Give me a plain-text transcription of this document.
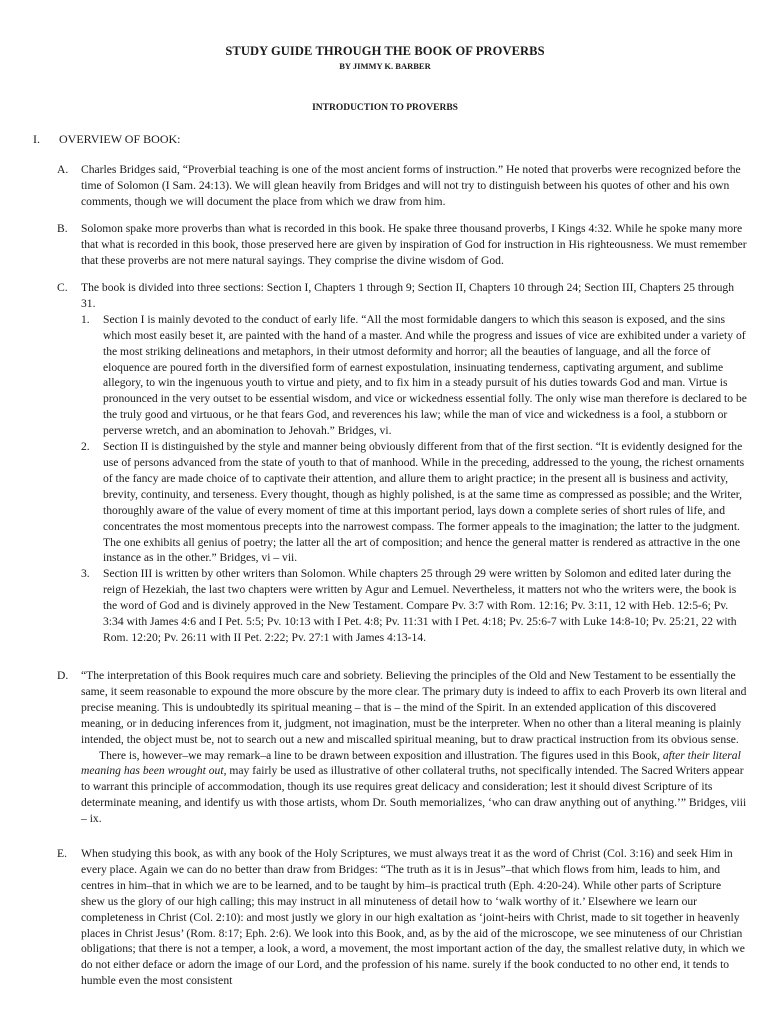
STUDY GUIDE THROUGH THE BOOK OF PROVERBS
BY JIMMY K. BARBER
INTRODUCTION TO PROVERBS
I. OVERVIEW OF BOOK:
A. Charles Bridges said, “Proverbial teaching is one of the most ancient forms of instruction.” He noted that proverbs were recognized before the time of Solomon (I Sam. 24:13). We will glean heavily from Bridges and will not try to distinguish between his quotes of other and his own comments, though we will document the place from which we draw from him.
B. Solomon spake more proverbs than what is recorded in this book. He spake three thousand proverbs, I Kings 4:32. While he spoke many more that what is recorded in this book, those preserved here are given by inspiration of God for instruction in His righteousness. We must remember that these proverbs are not mere natural sayings. They comprise the divine wisdom of God.
C. The book is divided into three sections: Section I, Chapters 1 through 9; Section II, Chapters 10 through 24; Section III, Chapters 25 through 31.
1. Section I is mainly devoted to the conduct of early life. “All the most formidable dangers to which this season is exposed, and the sins which most easily beset it, are painted with the hand of a master. And while the progress and issues of vice are exhibited under a variety of the most striking delineations and metaphors, in their utmost deformity and horror; all the beauties of language, and all the force of eloquence are poured forth in the diversified form of earnest expostulation, insinuating tenderness, captivating argument, and sublime allegory, to win the ingenuous youth to virtue and piety, and to fix him in a steady pursuit of his duties towards God and man. Virtue is pronounced in the very outset to be essential wisdom, and vice or wickedness essential folly. The only wise man therefore is declared to be the truly good and virtuous, or he that fears God, and reverences his law; while the man of vice and wickedness is a fool, a stubborn or perverse wretch, and an abomination to Jehovah.” Bridges, vi.
2. Section II is distinguished by the style and manner being obviously different from that of the first section. “It is evidently designed for the use of persons advanced from the state of youth to that of manhood. While in the preceding, addressed to the young, the richest ornaments of the fancy are made choice of to captivate their attention, and allure them to aright practice; in the present all is business and activity, brevity, continuity, and terseness. Every thought, though as highly polished, is at the same time as compressed as possible; and the Writer, thoroughly aware of the value of every moment of time at this important period, lays down a complete series of short rules of life, and concentrates the most momentous precepts into the narrowest compass. The former appeals to the imagination; the latter to the judgment. The one exhibits all genius of poetry; the latter all the art of composition; and hence the general matter is rendered as attractive in the one instance as in the other.” Bridges, vi – vii.
3. Section III is written by other writers than Solomon. While chapters 25 through 29 were written by Solomon and edited later during the reign of Hezekiah, the last two chapters were written by Agur and Lemuel. Nevertheless, it matters not who the writers were, the book is the word of God and is divinely approved in the New Testament. Compare Pv. 3:7 with Rom. 12:16; Pv. 3:11, 12 with Heb. 12:5-6; Pv. 3:34 with James 4:6 and I Pet. 5:5; Pv. 10:13 with I Pet. 4:8; Pv. 11:31 with I Pet. 4:18; Pv. 25:6-7 with Luke 14:8-10; Pv. 25:21, 22 with Rom. 12:20; Pv. 26:11 with II Pet. 2:22; Pv. 27:1 with James 4:13-14.
D. “The interpretation of this Book requires much care and sobriety. Believing the principles of the Old and New Testament to be essentially the same, it seem reasonable to expound the more obscure by the more clear. The primary duty is indeed to affix to each Proverb its own literal and precise meaning. This is undoubtedly its spiritual meaning – that is – the mind of the Spirit. In an extended application of this discovered meaning, or in deducing inferences from it, judgment, not imagination, must be the interpreter. When no other than a literal meaning is plainly intended, the object must be, not to search out a new and miscalled spiritual meaning, but to draw practical instruction from its obvious sense.
There is, however–we may remark–a line to be drawn between exposition and illustration. The figures used in this Book, after their literal meaning has been wrought out, may fairly be used as illustrative of other collateral truths, not specifically intended. The Sacred Writers appear to warrant this principle of accommodation, though its use requires great delicacy and consideration; lest it should divest Scripture of its determinate meaning, and identify us with those artists, whom Dr. South memorializes, ‘who can draw anything out of anything.’” Bridges, viii – ix.
E. When studying this book, as with any book of the Holy Scriptures, we must always treat it as the word of Christ (Col. 3:16) and seek Him in every place. Again we can do no better than draw from Bridges: “The truth as it is in Jesus”–that which flows from him, leads to him, and centres in him–that in which we are to be learned, and to be taught by him–is practical truth (Eph. 4:20-24). While other parts of Scripture shew us the glory of our high calling; this may instruct in all minuteness of detail how to ‘walk worthy of it.’ Elsewhere we learn our completeness in Christ (Col. 2:10): and most justly we glory in our high exaltation as ‘joint-heirs with Christ, made to sit together in heavenly places in Christ Jesus’ (Rom. 8:17; Eph. 2:6). We look into this Book, and, as by the aid of the microscope, we see minuteness of our Christian obligations; that there is not a temper, a look, a word, a movement, the most important action of the day, the smallest relative duty, in which we do not either deface or adorn the image of our Lord, and the profession of his name. surely if the book conducted to no other end, it tends to humble even the most consistent
